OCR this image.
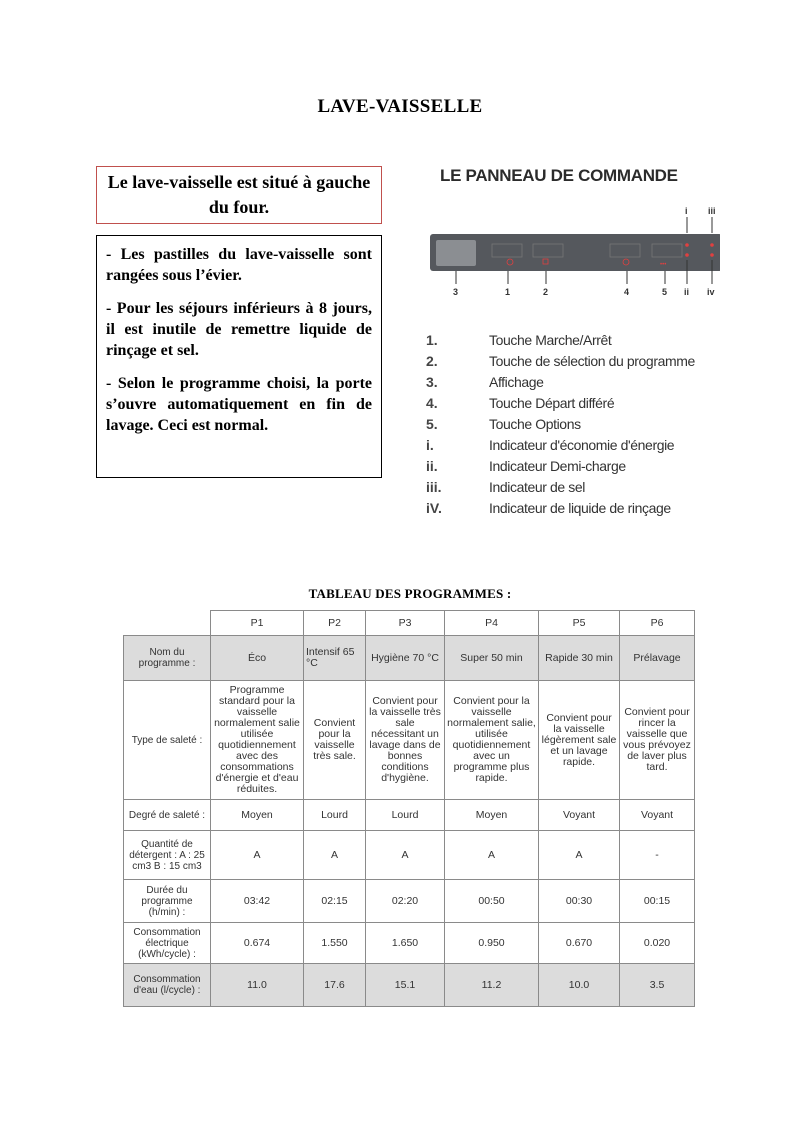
LAVE-VAISSELLE
Le lave-vaisselle est situé à gauche du four.

- Les pastilles du lave-vaisselle sont rangées sous l’évier.

- Pour les séjours inférieurs à 8 jours, il est inutile de remettre liquide de rinçage et sel.

- Selon le programme choisi, la porte s’ouvre automatiquement en fin de lavage. Ceci est normal.

LE PANNEAU DE COMMANDE
i iii
•••
3	1	2	4	5 ii iv
1.	Touche Marche/Arrêt
2.	Touche de sélection du programme
3.	Affichage
4.	Touche Départ différé
5.	Touche Options
i.	Indicateur d'économie d'énergie
ii.	Indicateur Demi-charge
iii.	Indicateur de sel
iV.	Indicateur de liquide de rinçage
TABLEAU DES PROGRAMMES :
	P1	P2	P3	P4	P5	P6
Nom du programme :	Éco	Intensif 65 °C	Hygiène 70 °C	Super 50 min	Rapide 30 min	Prélavage
Type de saleté :	Programme standard pour la vaisselle normalement salie utilisée quotidiennement avec des consommations d'énergie et d'eau réduites.	Convient pour la vaisselle très sale.	Convient pour la vaisselle très sale nécessitant un lavage dans de bonnes conditions d'hygiène.	Convient pour la vaisselle normalement salie, utilisée quotidiennement avec un programme plus rapide.	Convient pour la vaisselle légèrement sale et un lavage rapide.	Convient pour rincer la vaisselle que vous prévoyez de laver plus tard.
Degré de saleté :	Moyen	Lourd	Lourd	Moyen	Voyant	Voyant
Quantité de détergent : A : 25 cm3 B : 15 cm3	A	A	A	A	A	-
Durée du programme (h/min) :	03:42	02:15	02:20	00:50	00:30	00:15
Consommation électrique (kWh/cycle) :	0.674	1.550	1.650	0.950	0.670	0.020
Consommation d'eau (l/cycle) :	11.0	17.6	15.1	11.2	10.0	3.5
